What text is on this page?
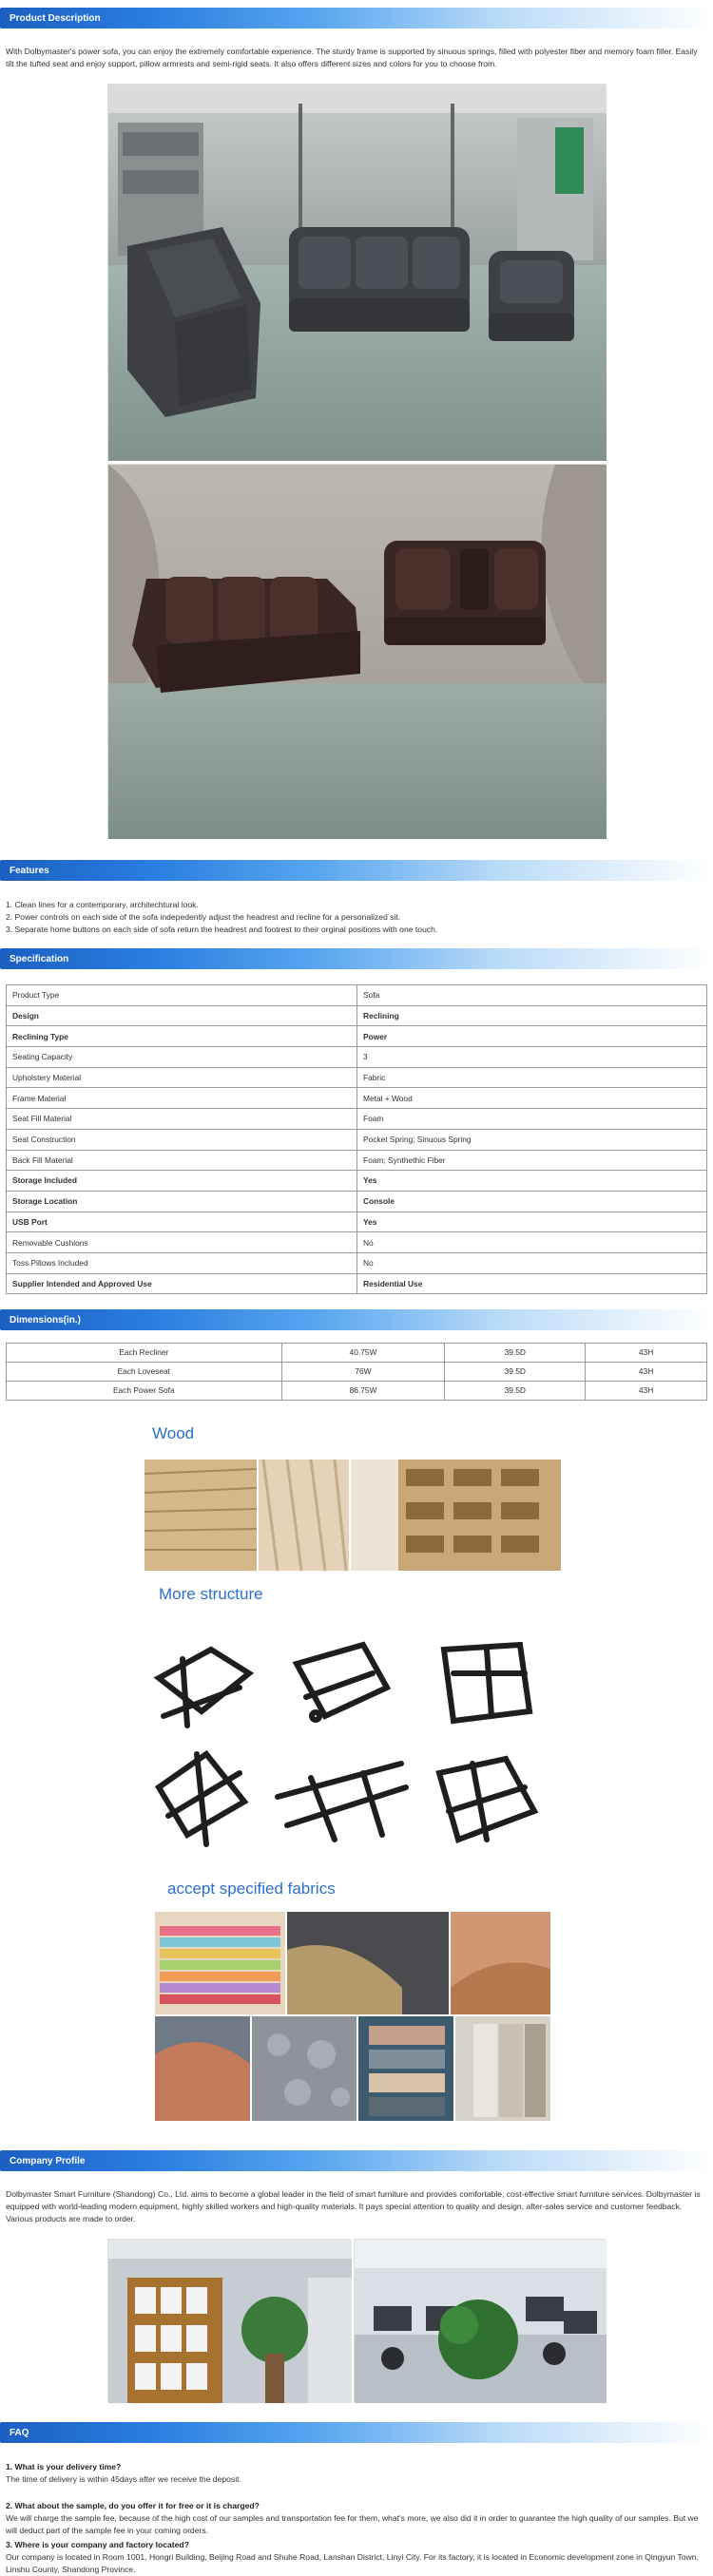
Product Description
With Dolbymaster's power sofa, you can enjoy the extremely comfortable experience. The sturdy frame is supported by sinuous springs, filled with polyester fiber and memory foam filler. Easily tilt the tufted seat and enjoy support, pillow armrests and semi-rigid seats. It also offers different sizes and colors for you to choose from.
Features
1. Clean lines for a contemporary, architechtural look.
2. Power controls on each side of the sofa indepedently adjust the headrest and recline for a personalized sit.
3. Separate home buttons on each side of sofa return the headrest and footrest to their orginal positions with one touch.
Specification
Product Type	Sofa
Design	Reclining
Reclining Type	Power
Seating Capacity	3
Upholstery Material	Fabric
Frame Material	Metal + Wood
Seat Fill Material	Foam
Seat Construction	Pocket Spring; Sinuous Spring
Back Fill Material	Foam; Synthethic Fiber
Storage Included	Yes
Storage Location	Console
USB Port	Yes
Removable Cushions	No
Toss Pillows Included	No
Supplier Intended and Approved Use	Residential Use
Dimensions(in.)
Each Recliner	40.75W	39.5D	43H
Each Loveseat	76W	39.5D	43H
Each Power Sofa	86.75W	39.5D	43H
Wood
More structure
accept specified fabrics
Company Profile
Dolbymaster Smart Furniture (Shandong) Co., Ltd. aims to become a global leader in the field of smart furniture and provides comfortable, cost-effective smart furniture services. Dolbymaster is equipped with world-leading modern equipment, highly skilled workers and high-quality materials. It pays special attention to quality and design, after-sales service and customer feedback. Various products are made to order.
FAQ
1. What is your delivery time?
The time of delivery is within 45days after we receive the deposit.
2. What about the sample, do you offer it for free or it is charged?
We will charge the sample fee, because of the high cost of our samples and transportation fee for them, what's more, we also did it in order to guarantee the high quality of our samples. But we will deduct part of the sample fee in your coming orders.
3. Where is your company and factory located?
Our company is located in Room 1001, Hongri Building, Beijing Road and Shuhe Road, Lanshan District, Linyi City. For its factory, it is located in Economic development zone in Qingyun Town, Linshu County, Shandong Province.
